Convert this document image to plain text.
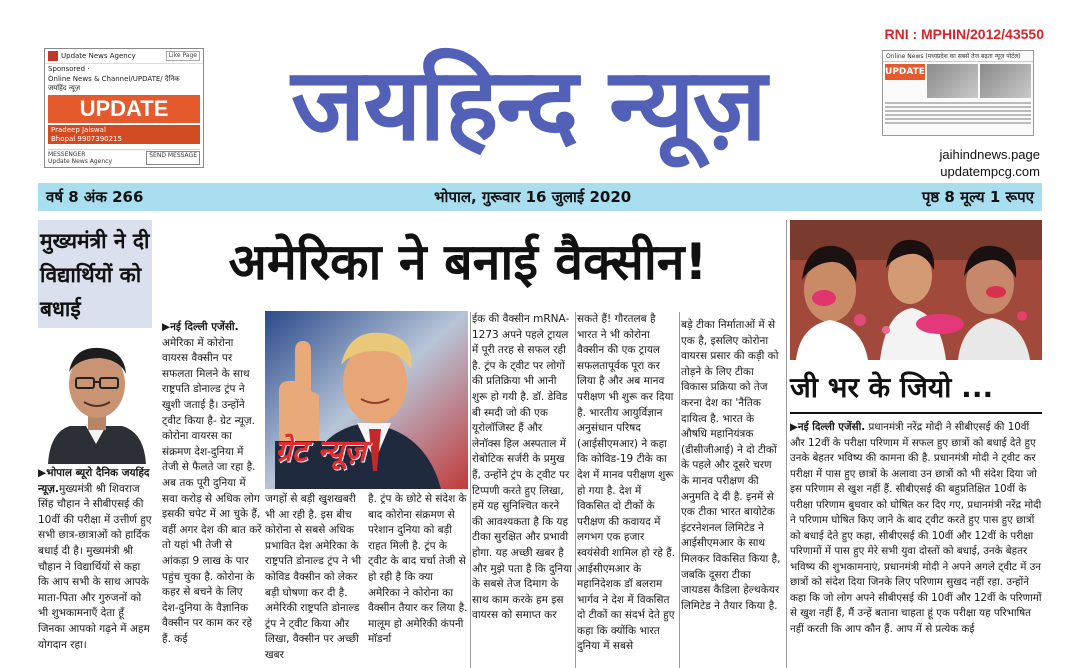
Update News Agency	Like Page
Sponsored ·
Online News & Channel/UPDATE/ दैनिक जयहिंद न्यूज़
UPDATE
Pradeep Jaiswal
Bhopal 9907390215
MESSENGER
Update News Agency
SEND MESSAGE जयहिन्द न्यूज़
RNI : MPHIN/2012/43550
Online News (मध्यप्रदेश का सबसे तेज बढ़ता न्यूज़ पोर्टल)
UPDATE
jaihindnews.page
updatempcg.com
वर्ष 8 अंक 266	भोपाल, गुरूवार 16 जुलाई 2020	पृष्ठ 8 मूल्य 1 रूपए
मुख्यमंत्री ने दी विद्यार्थियों को बधाई
▶भोपाल ब्यूरो दैनिक जयहिंद न्यूज़.मुख्यमंत्री श्री शिवराज सिंह चौहान ने सीबीएसई की 10वीं की परीक्षा में उत्तीर्ण हुए सभी छात्र-छात्राओं को हार्दिक बधाई दी है। मुख्यमंत्री श्री चौहान ने विद्यार्थियों से कहा कि आप सभी के साथ आपके माता-पिता और गुरुजनों को भी शुभकामनाएँ देता हूँ जिनका आपको गढ़ने में अहम योगदान रहा।
अमेरिका ने बनाई वैक्सीन!
▶नई दिल्ली एजेंसी. अमेरिका में कोरोना वायरस वैक्सीन पर सफलता मिलने के साथ राष्ट्रपति डोनाल्ड ट्रंप ने खुशी जताई है। उन्होंने ट्वीट किया है- ग्रेट न्यूज़. कोरोना वायरस का संक्रमण देश-दुनिया में तेजी से फैलते जा रहा है. अब तक पूरी दुनिया में सवा करोड़ से अधिक लोग इसकी चपेट में आ चुके हैं, वहीं अगर देश की बात करें तो यहां भी तेजी से आंकड़ा 9 लाख के पार पहुंच चुका है. कोरोना के कहर से बचने के लिए देश-दुनिया के वैज्ञानिक वैक्सीन पर काम कर रहे हैं. कई
ग्रेट न्यूज़
जगहों से बड़ी खुशखबरी भी आ रही है. इस बीच कोरोना से सबसे अधिक प्रभावित देश अमेरिका के राष्ट्रपति डोनाल्ड ट्रंप ने भी कोविड वैक्सीन को लेकर बड़ी घोषणा कर दी है. अमेरिकी राष्ट्रपति डोनाल्ड ट्रंप ने ट्वीट किया और लिखा, वैक्सीन पर अच्छी खबर
है. ट्रंप के छोटे से संदेश के बाद कोरोना संक्रमण से परेशान दुनिया को बड़ी राहत मिली है. ट्रंप के ट्वीट के बाद चर्चा तेजी से हो रही है कि क्या अमेरिका ने कोरोना का वैक्सीन तैयार कर लिया है. मालूम हो अमेरिकी कंपनी मॉडर्ना
ईक की वैक्सीन mRNA-1273 अपने पहले ट्रायल में पूरी तरह से सफल रही है. ट्रंप के ट्वीट पर लोगों की प्रतिक्रिया भी आनी शुरू हो गयी है. डॉ. डेविड बी स्मदी जो की एक यूरोलॉजिस्ट हैं और लेनॉक्स हिल अस्पताल में रोबोटिक सर्जरी के प्रमुख हैं, उन्होंने ट्रंप के ट्वीट पर टिप्पणी करते हुए लिखा, हमें यह सुनिश्चित करने की आवश्यकता है कि यह टीका सुरक्षित और प्रभावी होगा. यह अच्छी खबर है और मुझे पता है कि दुनिया के सबसे तेज दिमाग के साथ काम करके हम इस वायरस को समाप्त कर
सकते हैं! गौरतलब है भारत ने भी कोरोना वैक्सीन की एक ट्रायल सफलतापूर्वक पूरा कर लिया है और अब मानव परीक्षण भी शुरू कर दिया है. भारतीय आयुर्विज्ञान अनुसंधान परिषद (आईसीएमआर) ने कहा कि कोविड-19 टीके का देश में मानव परीक्षण शुरू हो गया है. देश में विकसित दो टीकों के परीक्षण की कवायद में लगभग एक हजार स्वयंसेवी शामिल हो रहे हैं. आईसीएमआर के महानिदेशक डॉ बलराम भार्गव ने देश में विकसित दो टीकों का संदर्भ देते हुए कहा कि क्योंकि भारत दुनिया में सबसे
बड़े टीका निर्माताओं में से एक है, इसलिए कोरोना वायरस प्रसार की कड़ी को तोड़ने के लिए टीका विकास प्रक्रिया को तेज करना देश का 'नैतिक दायित्व है. भारत के औषधि महानियंत्रक (डीसीजीआई) ने दो टीकों के पहले और दूसरे चरण के मानव परीक्षण की अनुमति दे दी है. इनमें से एक टीका भारत बायोटेक इंटरनेशनल लिमिटेड ने आईसीएमआर के साथ मिलकर विकसित किया है, जबकि दूसरा टीका जायडस कैडिला हेल्थकेयर लिमिटेड ने तैयार किया है.
जी भर के जियो ...
▶नई दिल्ली एजेंसी. प्रधानमंत्री नरेंद्र मोदी ने सीबीएसई की 10वीं और 12वीं के परीक्षा परिणाम में सफल हुए छात्रों को बधाई देते हुए उनके बेहतर भविष्य की कामना की है. प्रधानमंत्री मोदी ने ट्वीट कर परीक्षा में पास हुए छात्रों के अलावा उन छात्रों को भी संदेश दिया जो इस परिणाम से खुश नहीं हैं. सीबीएसई की बहुप्रतिक्षित 10वीं के परीक्षा परिणाम बुधवार को घोषित कर दिए गए, प्रधानमंत्री नरेंद्र मोदी ने परिणाम घोषित किए जाने के बाद ट्वीट करते हुए पास हुए छात्रों को बधाई देते हुए कहा, सीबीएसई की 10वीं और 12वीं के परीक्षा परिणामों में पास हुए मेरे सभी युवा दोस्तों को बधाई, उनके बेहतर भविष्य की शुभकामनाएं, प्रधानमंत्री मोदी ने अपने अगले ट्वीट में उन छात्रों को संदेश दिया जिनके लिए परिणाम सुखद नहीं रहा. उन्होंने कहा कि जो लोग अपने सीबीएसई की 10वीं और 12वीं के परिणामों से खुश नहीं हैं, मैं उन्हें बताना चाहता हूं एक परीक्षा यह परिभाषित नहीं करती कि आप कौन हैं. आप में से प्रत्येक कई
